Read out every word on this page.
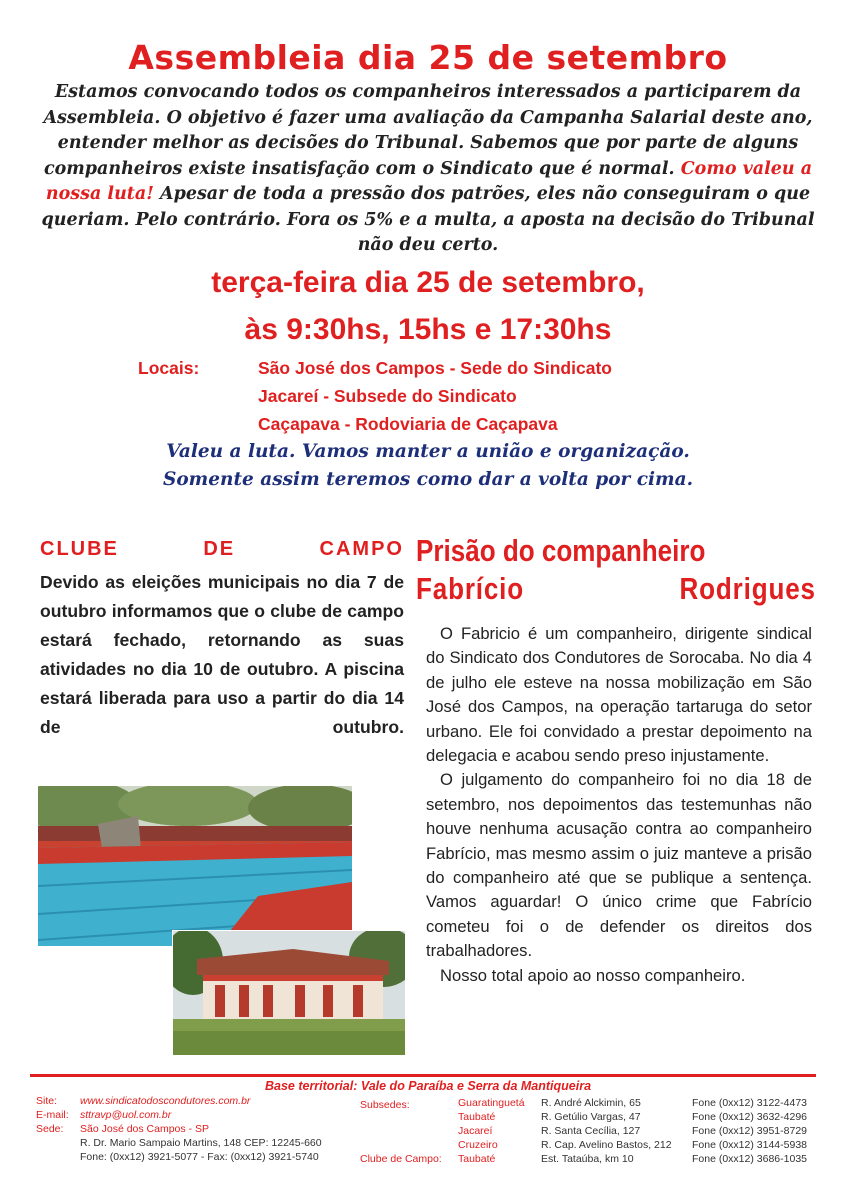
Assembleia dia 25 de setembro
Estamos convocando todos os companheiros interessados a participarem da Assembleia. O objetivo é fazer uma avaliação da Campanha Salarial deste ano, entender melhor as decisões do Tribunal. Sabemos que por parte de alguns companheiros existe insatisfação com o Sindicato que é normal. Como valeu a nossa luta! Apesar de toda a pressão dos patrões, eles não conseguiram o que queriam. Pelo contrário. Fora os 5% e a multa, a aposta na decisão do Tribunal não deu certo.
terça-feira dia 25 de setembro,
às 9:30hs, 15hs e 17:30hs
Locais:	São José dos Campos - Sede do Sindicato
Jacareí - Subsede do Sindicato
Caçapava - Rodoviaria de Caçapava
Valeu a luta. Vamos manter a união e organização.
Somente assim teremos como dar a volta por cima.
CLUBE DE CAMPO
Devido as eleições municipais no dia 7 de outubro informamos que o clube de campo estará fechado, retornando as suas atividades no dia 10 de outubro. A piscina estará liberada para uso a partir do dia 14 de outubro.
Prisão do companheiro
Fabrício Rodrigues

O Fabricio é um companheiro, dirigente sindical do Sindicato dos Condutores de Sorocaba. No dia 4 de julho ele esteve na nossa mobilização em São José dos Campos, na operação tartaruga do setor urbano. Ele foi convidado a prestar depoimento na delegacia e acabou sendo preso injustamente.

O julgamento do companheiro foi no dia 18 de setembro, nos depoimentos das testemunhas não houve nenhuma acusação contra ao companheiro Fabrício, mas mesmo assim o juiz manteve a prisão do companheiro até que se publique a sentença. Vamos aguardar! O único crime que Fabrício cometeu foi o de defender os direitos dos trabalhadores.

Nosso total apoio ao nosso companheiro.

Base territorial: Vale do Paraíba e Serra da Mantiqueira
Site: www.sindicatodoscondutores.com.br
E-mail: sttravp@uol.com.br
Sede: São José dos Campos - SP
R. Dr. Mario Sampaio Martins, 148 CEP: 12245-660
Fone: (0xx12) 3921-5077 - Fax: (0xx12) 3921-5740
Subsedes:
Clube de Campo:
Guaratinguetá
Taubaté
Jacareí
Cruzeiro
Taubaté
R. André Alckimin, 65
R. Getúlio Vargas, 47
R. Santa Cecília, 127
R. Cap. Avelino Bastos, 212
Est. Tataúba, km 10
Fone (0xx12) 3122-4473
Fone (0xx12) 3632-4296
Fone (0xx12) 3951-8729
Fone (0xx12) 3144-5938
Fone (0xx12) 3686-1035
